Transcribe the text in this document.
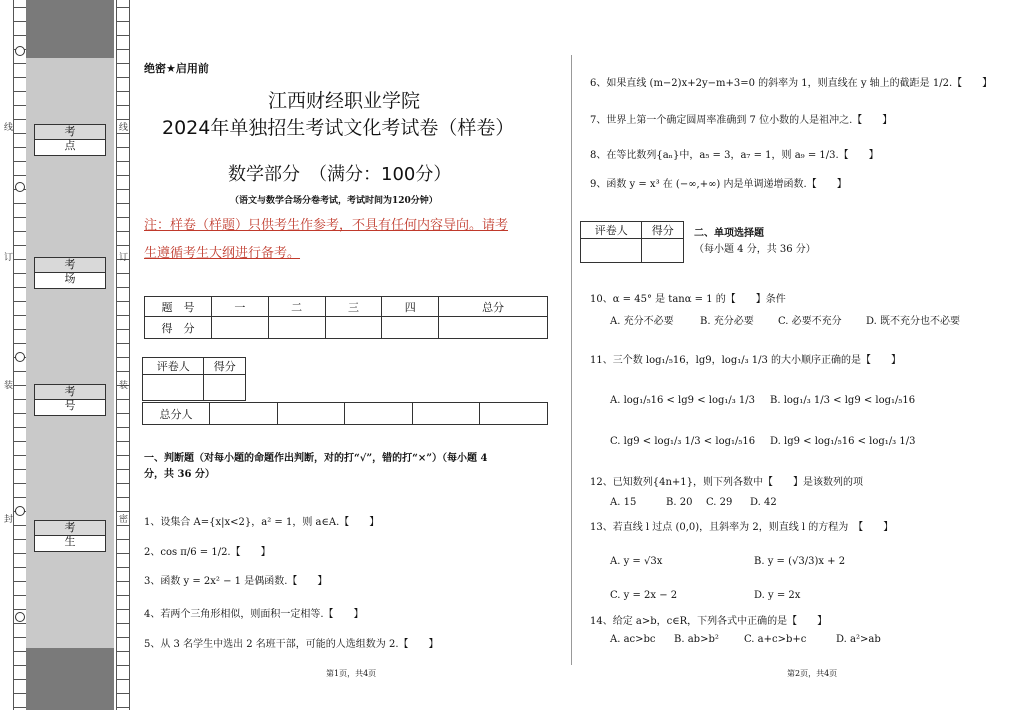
考点
考场
考号
考生
线	线
订	订
装	装
封	密
绝密★启用前
江西财经职业学院
2024年单独招生考试文化考试卷（样卷）
数学部分　（满分：100分）
（语文与数学合场分卷考试，考试时间为120分钟）
注：样卷（样题）只供考生作参考，不具有任何内容导向。请考
生遵循考生大纲进行备考。
题　号	一	二	三	四	总分
得　分					
评卷人	得分

总分人					
一、判断题（对每小题的命题作出判断，对的打“√”，错的打“×”）（每小题 4
分，共 36 分）
1、设集合 A={x|x<2}，a² = 1，则 a∈A.【　　】
2、cos π/6 = 1/2.【　　】
3、函数 y = 2x² − 1 是偶函数.【　　】
4、若两个三角形相似，则面积一定相等.【　　】
5、从 3 名学生中选出 2 名班干部，可能的人选组数为 2.【　　】
第1页，共4页
6、如果直线 (m−2)x+2y−m+3=0 的斜率为 1，则直线在 y 轴上的截距是 1/2.【　　】
7、世界上第一个确定圆周率准确到 7 位小数的人是祖冲之.【　　】
8、在等比数列{aₙ}中，a₅ = 3，a₇ = 1，则 a₉ = 1/3.【　　】
9、函数 y = x³ 在 (−∞,+∞) 内是单调递增函数.【　　】
评卷人	得分
	二、单项选择题
（每小题 4 分，共 36 分）
10、α = 45° 是 tanα = 1 的【　　】条件
A. 充分不必要	B. 充分必要 C. 必要不充分 D. 既不充分也不必要
11、三个数 log₁/₅16，lg9，log₁/₃ 1/3 的大小顺序正确的是【　　】
A. log₁/₅16 < lg9 < log₁/₃ 1/3 B. log₁/₃ 1/3 < lg9 < log₁/₅16
C. lg9 < log₁/₃ 1/3 < log₁/₅16 D. lg9 < log₁/₅16 < log₁/₃ 1/3
12、已知数列{4n+1}，则下列各数中【　　】是该数列的项
A. 15	B. 20 C. 29 D. 42
13、若直线 l 过点 (0,0)，且斜率为 2，则直线 l 的方程为　【　　】
A. y = √3x	B. y = (√3/3)x + 2
C. y = 2x − 2	D. y = 2x
14、给定 a>b，c∈R，下列各式中正确的是【　　】
A. ac>bc B. ab>b²	C. a+c>b+c	D. a²>ab
第2页，共4页
